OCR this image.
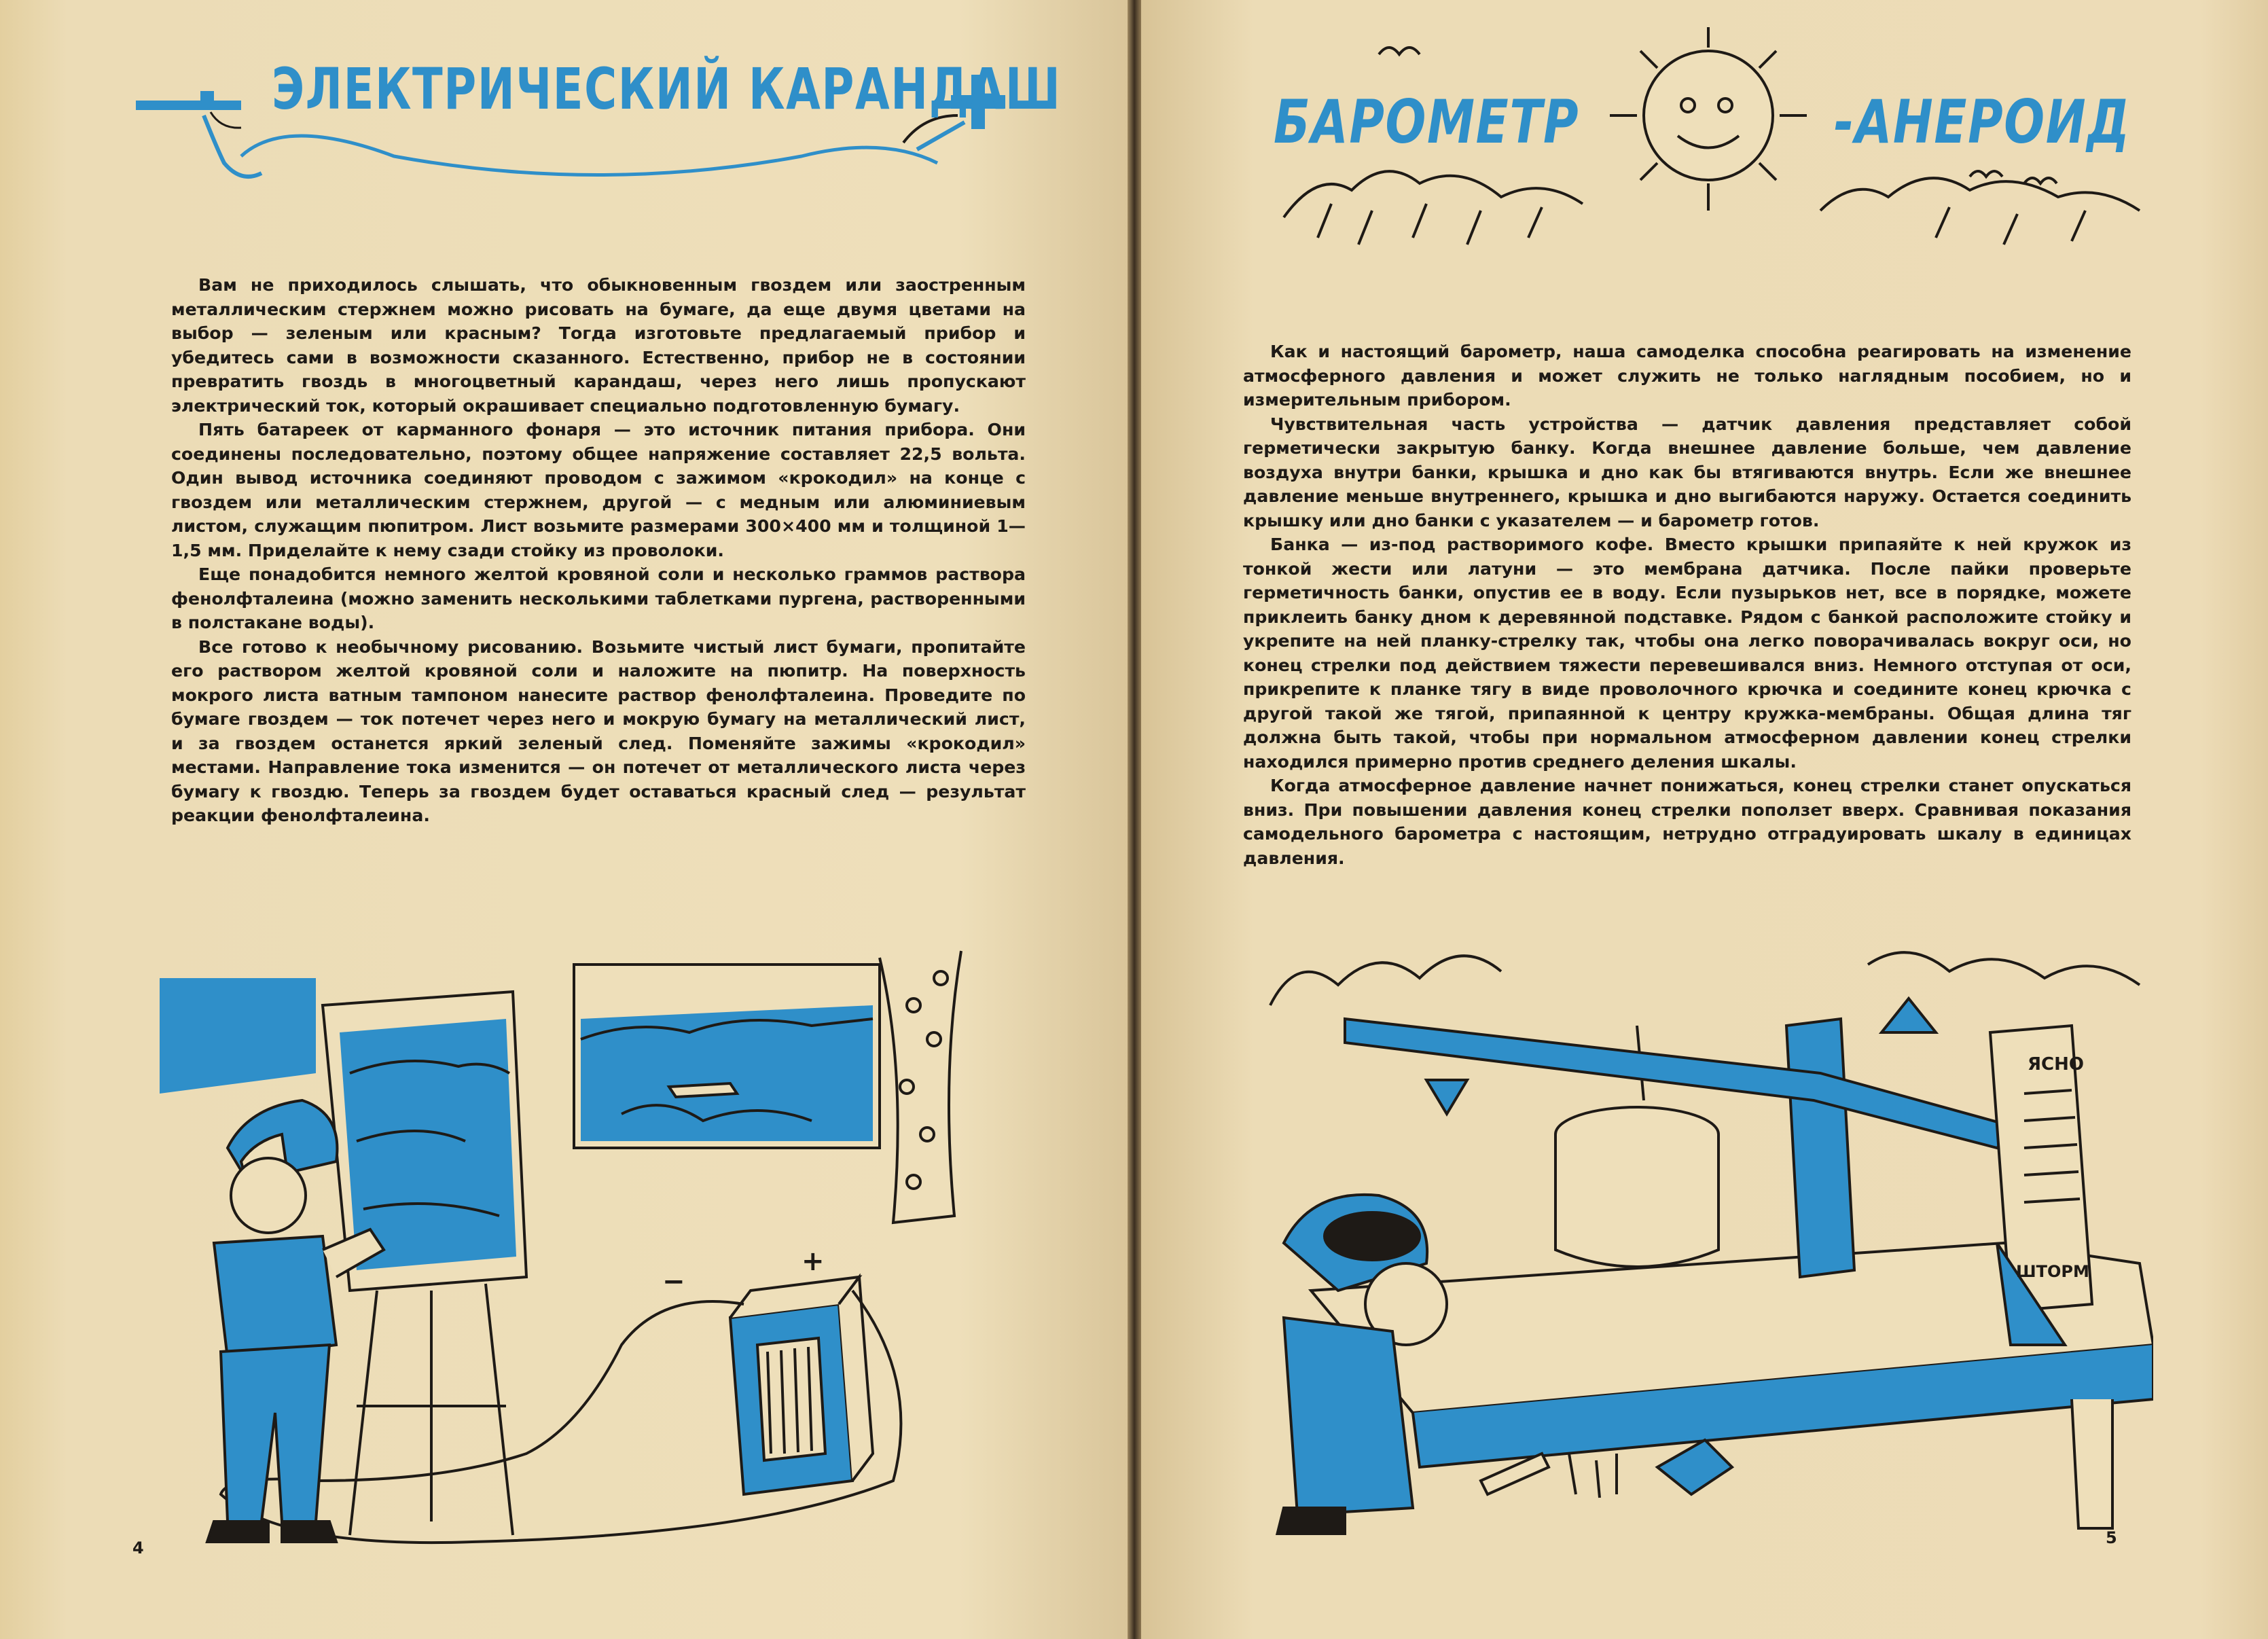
ЭЛЕКТРИЧЕСКИЙ КАРАНДАШ

Вам не приходилось слышать, что обыкновенным гвоздем или заостренным металлическим стержнем можно рисовать на бумаге, да еще двумя цветами на выбор — зеленым или красным? Тогда изготовьте предлагаемый прибор и убедитесь сами в возможности сказанного. Естественно, прибор не в состоянии превратить гвоздь в многоцветный карандаш, через него лишь пропускают электрический ток, который окрашивает специально подготовленную бумагу.

Пять батареек от карманного фонаря — это источник питания прибора. Они соединены последовательно, поэтому общее напряжение составляет 22,5 вольта. Один вывод источника соединяют проводом с зажимом «крокодил» на конце с гвоздем или металлическим стержнем, другой — с медным или алюминиевым листом, служащим пюпитром. Лист возьмите размерами 300×400 мм и толщиной 1—1,5 мм. Приделайте к нему сзади стойку из проволоки.

Еще понадобится немного желтой кровяной соли и несколько граммов раствора фенолфталеина (можно заменить несколькими таблетками пургена, растворенными в полстакане воды).

Все готово к необычному рисованию. Возьмите чистый лист бумаги, пропитайте его раствором желтой кровяной соли и наложите на пюпитр. На поверхность мокрого листа ватным тампоном нанесите раствор фенолфталеина. Проведите по бумаге гвоздем — ток потечет через него и мокрую бумагу на металлический лист, и за гвоздем останется яркий зеленый след. Поменяйте зажимы «крокодил» местами. Направление тока изменится — он потечет от металлического листа через бумагу к гвоздю. Теперь за гвоздем будет оставаться красный след — результат реакции фенолфталеина.

−
+
4
БАРОМЕТР	-АНЕРОИД

Как и настоящий барометр, наша самоделка способна реагировать на изменение атмосферного давления и может служить не только наглядным пособием, но и измерительным прибором.

Чувствительная часть устройства — датчик давления представляет собой герметически закрытую банку. Когда внешнее давление больше, чем давление воздуха внутри банки, крышка и дно как бы втягиваются внутрь. Если же внешнее давление меньше внутреннего, крышка и дно выгибаются наружу. Остается соединить крышку или дно банки с указателем — и барометр готов.

Банка — из-под растворимого кофе. Вместо крышки припаяйте к ней кружок из тонкой жести или латуни — это мембрана датчика. После пайки проверьте герметичность банки, опустив ее в воду. Если пузырьков нет, все в порядке, можете приклеить банку дном к деревянной подставке. Рядом с банкой расположите стойку и укрепите на ней планку-стрелку так, чтобы она легко поворачивалась вокруг оси, но конец стрелки под действием тяжести перевешивался вниз. Немного отступая от оси, прикрепите к планке тягу в виде проволочного крючка и соедините конец крючка с другой такой же тягой, припаянной к центру кружка-мембраны. Общая длина тяг должна быть такой, чтобы при нормальном атмосферном давлении конец стрелки находился примерно против среднего деления шкалы.

Когда атмосферное давление начнет понижаться, конец стрелки станет опускаться вниз. При повышении давления конец стрелки поползет вверх. Сравнивая показания самодельного барометра с настоящим, нетрудно отградуировать шкалу в единицах давления.

ЯСНО
ШТОРМ
5
